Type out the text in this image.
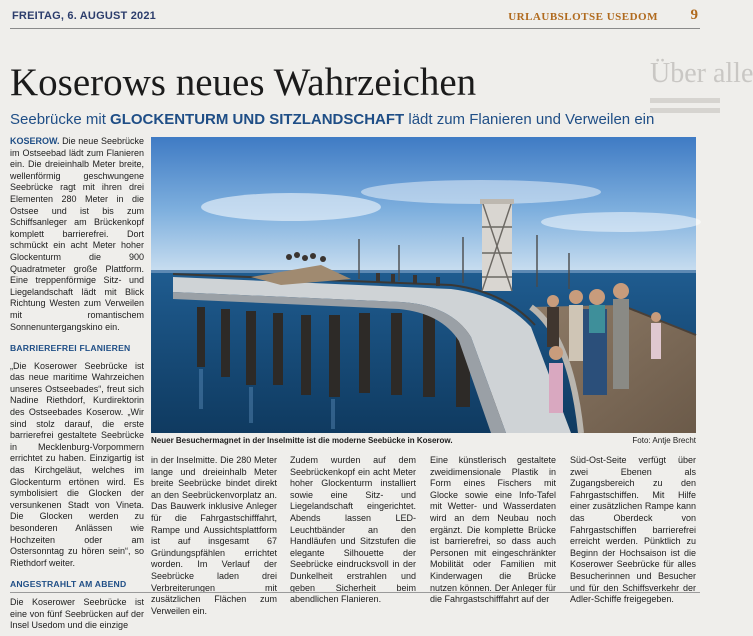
FREITAG, 6. AUGUST 2021	URLAUBSLOTSE USEDOM 9
Über alle
Koserows neues Wahrzeichen
Seebrücke mit GLOCKENTURM UND SITZLANDSCHAFT lädt zum Flanieren und Verweilen ein

KOSEROW. Die neue Seebrücke im Ostseebad lädt zum Flanieren ein. Die dreieinhalb Meter breite, wellenförmig geschwungene Seebrücke ragt mit ihren drei Elementen 280 Meter in die Ostsee und ist bis zum Schiffsanleger am Brückenkopf komplett barrierefrei. Dort schmückt ein acht Meter hoher Glockenturm die 900 Quadratmeter große Plattform. Eine treppenförmige Sitz- und Liegelandschaft lädt mit Blick Richtung Westen zum Verweilen mit romantischem Sonnenuntergangskino ein.

BARRIEREFREI FLANIEREN

„Die Koserower Seebrücke ist das neue maritime Wahrzeichen unseres Ostseebades“, freut sich Nadine Riethdorf, Kurdirektorin des Ostseebades Koserow. „Wir sind stolz darauf, die erste barrierefrei gestaltete Seebrücke in Mecklenburg-Vorpommern errichtet zu haben. Einzigartig ist das Kirchgeläut, welches im Glockenturm ertönen wird. Es symbolisiert die Glocken der versunkenen Stadt von Vineta. Die Glocken werden zu besonderen Anlässen wie Hochzeiten oder am Ostersonntag zu hören sein“, so Riethdorf weiter.

ANGESTRAHLT AM ABEND

Die Koserower Seebrücke ist eine von fünf Seebrücken auf der Insel Usedom und die einzige

Neuer Besuchermagnet in der Inselmitte ist die moderne Seebücke in Koserow.	Foto: Antje Brecht

in der Inselmitte. Die 280 Meter lange und dreieinhalb Meter breite Seebrücke bindet direkt an den Seebrückenvorplatz an. Das Bauwerk inklusive Anleger für die Fahrgastschifffahrt, Rampe und Aussichtsplattform ist auf insgesamt 67 Gründungspfählen errichtet worden. Im Verlauf der Seebrücke laden drei Verbreiterungen mit zusätzlichen Flächen zum Verweilen ein.

Zudem wurden auf dem Seebrückenkopf ein acht Meter hoher Glockenturm installiert sowie eine Sitz- und Liegelandschaft eingerichtet. Abends lassen LED-Leuchtbänder an den Handläufen und Sitzstufen die elegante Silhouette der Seebrücke eindrucksvoll in der Dunkelheit erstrahlen und geben Sicherheit beim abendlichen Flanieren.

Eine künstlerisch gestaltete zweidimensionale Plastik in Form eines Fischers mit Glocke sowie eine Info-Tafel mit Wetter- und Wasserdaten wird an dem Neubau noch ergänzt. Die komplette Brücke ist barrierefrei, so dass auch Personen mit eingeschränkter Mobilität oder Familien mit Kinderwagen die Brücke nutzen können. Der Anleger für die Fahrgastschifffahrt auf der

Süd-Ost-Seite verfügt über zwei Ebenen als Zugangsbereich zu den Fahrgastschiffen. Mit Hilfe einer zusätzlichen Rampe kann das Oberdeck von Fahrgastschiffen barrierefrei erreicht werden. Pünktlich zu Beginn der Hochsaison ist die Koserower Seebrücke für alles Besucherinnen und Besucher und für den Schiffsverkehr der Adler-Schiffe freigegeben.
